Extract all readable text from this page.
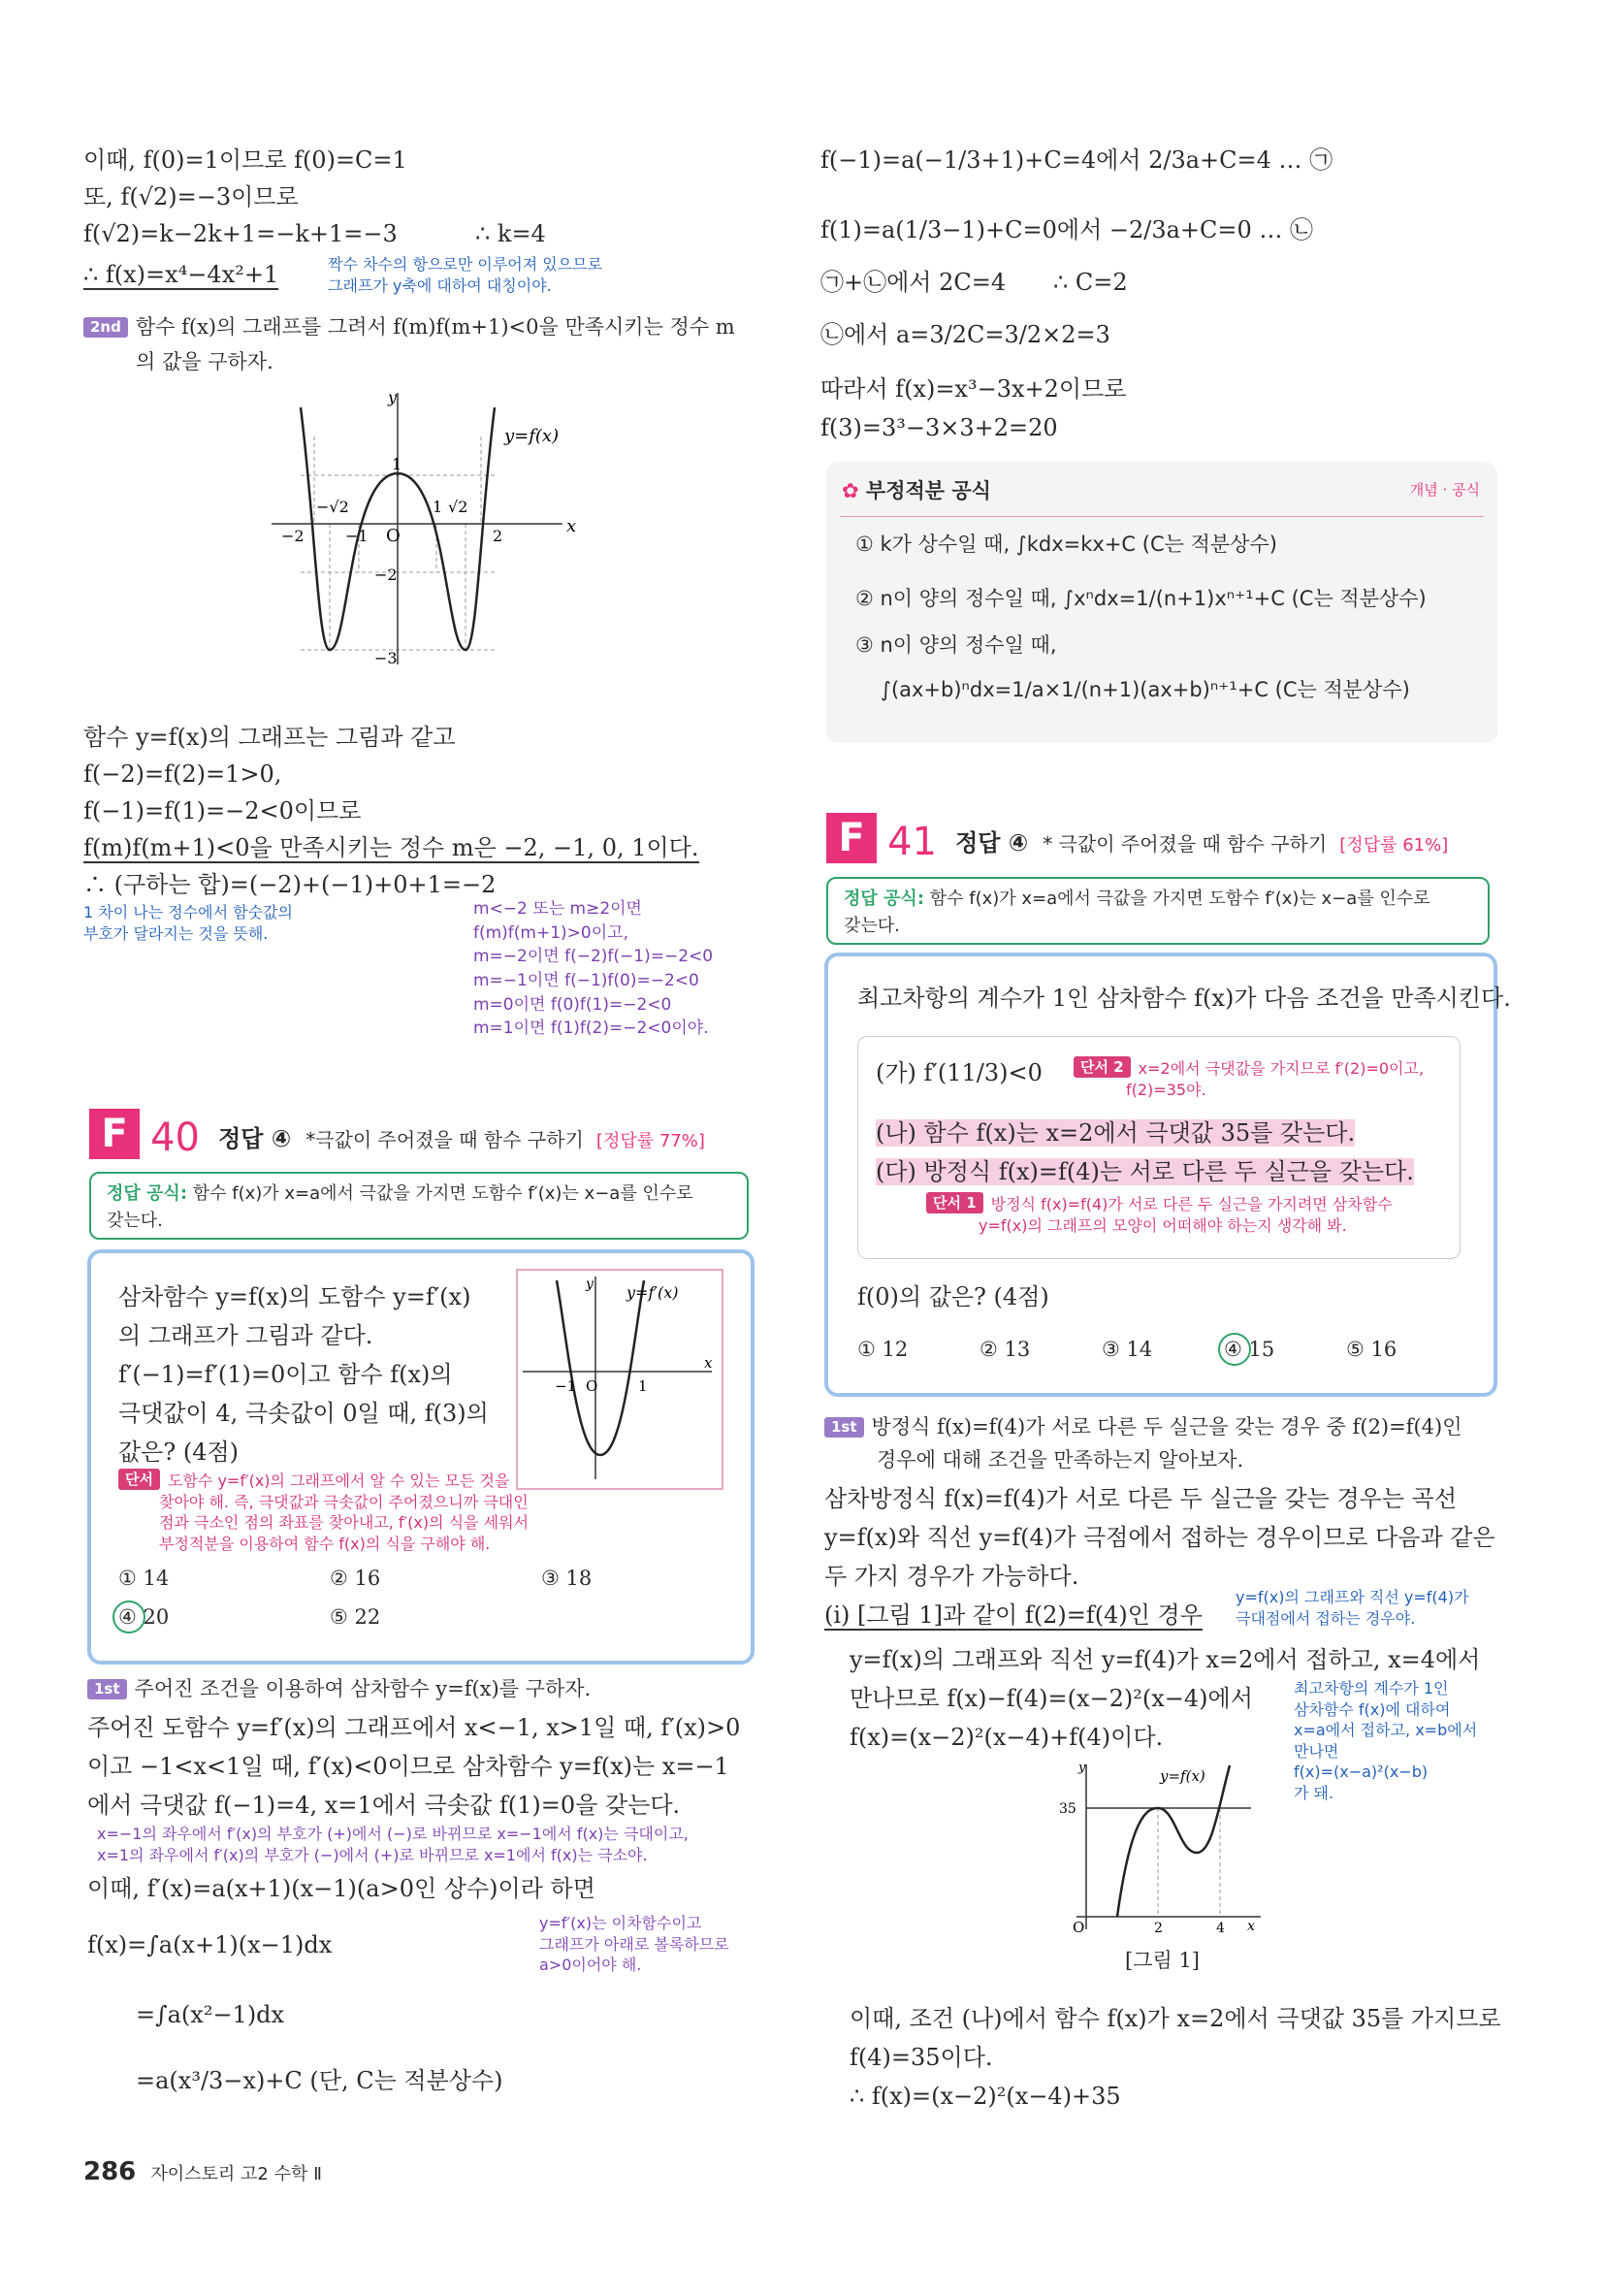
이때, f(0)=1이므로 f(0)=C=1
또, f(√2)=−3이므로
f(√2)=k−2k+1=−k+1=−3	∴ k=4
∴ f(x)=x⁴−4x²+1	짝수 차수의 항으로만 이루어져 있으므로
그래프가 y축에 대하여 대칭이야.
2nd 함수 f(x)의 그래프를 그려서 f(m)f(m+1)<0을 만족시키는 정수 m
의 값을 구하자.
y=f(x)
x
y
O
−2
−√2
−1
1 √2
2
1
−2
−3
함수 y=f(x)의 그래프는 그림과 같고
f(−2)=f(2)=1>0,
f(−1)=f(1)=−2<0이므로
f(m)f(m+1)<0을 만족시키는 정수 m은 −2, −1, 0, 1이다.
∴ (구하는 합)=(−2)+(−1)+0+1=−2
1 차이 나는 정수에서 함숫값의
부호가 달라지는 것을 뜻해.
m<−2 또는 m≥2이면
f(m)f(m+1)>0이고,
m=−2이면 f(−2)f(−1)=−2<0
m=−1이면 f(−1)f(0)=−2<0
m=0이면 f(0)f(1)=−2<0
m=1이면 f(1)f(2)=−2<0이야.
F 40 정답 ④ *극값이 주어졌을 때 함수 구하기 [정답률 77%]
정답 공식: 함수 f(x)가 x=a에서 극값을 가지면 도함수 f′(x)는 x−a를 인수로
갖는다.
삼차함수 y=f(x)의 도함수 y=f′(x)
의 그래프가 그림과 같다.
f′(−1)=f′(1)=0이고 함수 f(x)의
극댓값이 4, 극솟값이 0일 때, f(3)의
값은? (4점)
단서 도함수 y=f′(x)의 그래프에서 알 수 있는 모든 것을
찾아야 해. 즉, 극댓값과 극솟값이 주어졌으니까 극대인
점과 극소인 점의 좌표를 찾아내고, f′(x)의 식을 세워서
부정적분을 이용하여 함수 f(x)의 식을 구해야 해.
y=f′(x)
−1 O	1
x
y
① 14	② 16	③ 18
④ 20	⑤ 22
1st 주어진 조건을 이용하여 삼차함수 y=f(x)를 구하자.
주어진 도함수 y=f′(x)의 그래프에서 x<−1, x>1일 때, f′(x)>0
이고 −1<x<1일 때, f′(x)<0이므로 삼차함수 y=f(x)는 x=−1
에서 극댓값 f(−1)=4, x=1에서 극솟값 f(1)=0을 갖는다.
x=−1의 좌우에서 f′(x)의 부호가 (+)에서 (−)로 바뀌므로 x=−1에서 f(x)는 극대이고,
x=1의 좌우에서 f′(x)의 부호가 (−)에서 (+)로 바뀌므로 x=1에서 f(x)는 극소야.
이때, f′(x)=a(x+1)(x−1)(a>0인 상수)이라 하면
f(x)=∫a(x+1)(x−1)dx
=∫a(x²−1)dx
=a(x³/3−x)+C (단, C는 적분상수)
y=f′(x)는 이차함수이고
그래프가 아래로 볼록하므로
a>0이어야 해.
286 자이스토리 고2 수학 Ⅱ
f(−1)=a(−1/3+1)+C=4에서 2/3a+C=4 … ㉠
f(1)=a(1/3−1)+C=0에서 −2/3a+C=0 … ㉡
㉠+㉡에서 2C=4 ∴ C=2
㉡에서 a=3/2C=3/2×2=3
따라서 f(x)=x³−3x+2이므로
f(3)=3³−3×3+2=20
✿ 부정적분 공식	개념 · 공식
① k가 상수일 때, ∫kdx=kx+C (C는 적분상수)
② n이 양의 정수일 때, ∫xⁿdx=1/(n+1)xⁿ⁺¹+C (C는 적분상수)
③ n이 양의 정수일 때,
∫(ax+b)ⁿdx=1/a×1/(n+1)(ax+b)ⁿ⁺¹+C (C는 적분상수)
F 41 정답 ④ * 극값이 주어졌을 때 함수 구하기 [정답률 61%]
정답 공식: 함수 f(x)가 x=a에서 극값을 가지면 도함수 f′(x)는 x−a를 인수로
갖는다.
최고차항의 계수가 1인 삼차함수 f(x)가 다음 조건을 만족시킨다.
(가) f′(11/3)<0	단서 2 x=2에서 극댓값을 가지므로 f′(2)=0이고,
f(2)=35야.
(나) 함수 f(x)는 x=2에서 극댓값 35를 갖는다.
(다) 방정식 f(x)=f(4)는 서로 다른 두 실근을 갖는다.
단서 1 방정식 f(x)=f(4)가 서로 다른 두 실근을 가지려면 삼차함수
y=f(x)의 그래프의 모양이 어떠해야 하는지 생각해 봐.
f(0)의 값은? (4점)
① 12	② 13	③ 14	④ 15	⑤ 16
1st 방정식 f(x)=f(4)가 서로 다른 두 실근을 갖는 경우 중 f(2)=f(4)인
경우에 대해 조건을 만족하는지 알아보자.
삼차방정식 f(x)=f(4)가 서로 다른 두 실근을 갖는 경우는 곡선
y=f(x)와 직선 y=f(4)가 극점에서 접하는 경우이므로 다음과 같은
두 가지 경우가 가능하다.
(i) [그림 1]과 같이 f(2)=f(4)인 경우
y=f(x)의 그래프와 직선 y=f(4)가
극대점에서 접하는 경우야.
y=f(x)의 그래프와 직선 y=f(4)가 x=2에서 접하고, x=4에서
만나므로 f(x)−f(4)=(x−2)²(x−4)에서
f(x)=(x−2)²(x−4)+f(4)이다.
최고차항의 계수가 1인
삼차함수 f(x)에 대하여
x=a에서 접하고, x=b에서
만나면
f(x)=(x−a)²(x−b)
가 돼.
y=f(x)
35
O	2	4 x
y
[그림 1]
이때, 조건 (나)에서 함수 f(x)가 x=2에서 극댓값 35를 가지므로
f(4)=35이다.
∴ f(x)=(x−2)²(x−4)+35
